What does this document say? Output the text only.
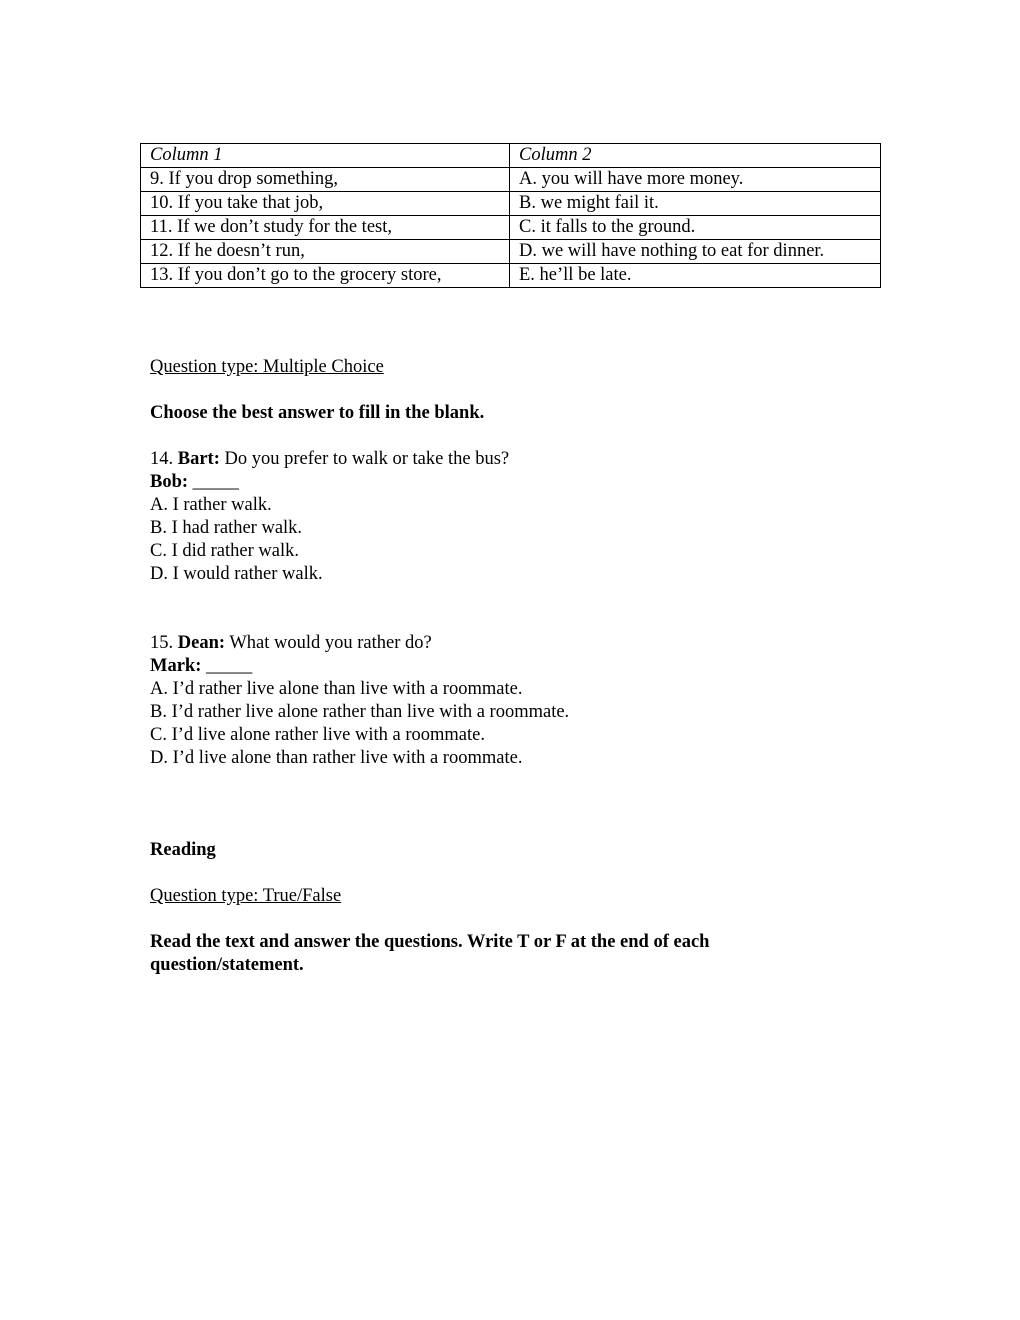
Column 1	Column 2
9. If you drop something,	A. you will have more money.
10. If you take that job,	B. we might fail it.
11. If we don’t study for the test,	C. it falls to the ground.
12. If he doesn’t run,	D. we will have nothing to eat for dinner.
13. If you don’t go to the grocery store,	E. he’ll be late.
Question type: Multiple Choice
Choose the best answer to fill in the blank.
14. Bart: Do you prefer to walk or take the bus?
Bob: _____
A. I rather walk.
B. I had rather walk.
C. I did rather walk.
D. I would rather walk.
15. Dean: What would you rather do?
Mark: _____
A. I’d rather live alone than live with a roommate.
B. I’d rather live alone rather than live with a roommate.
C. I’d live alone rather live with a roommate.
D. I’d live alone than rather live with a roommate.
Reading
Question type: True/False
Read the text and answer the questions. Write T or F at the end of each
question/statement.
